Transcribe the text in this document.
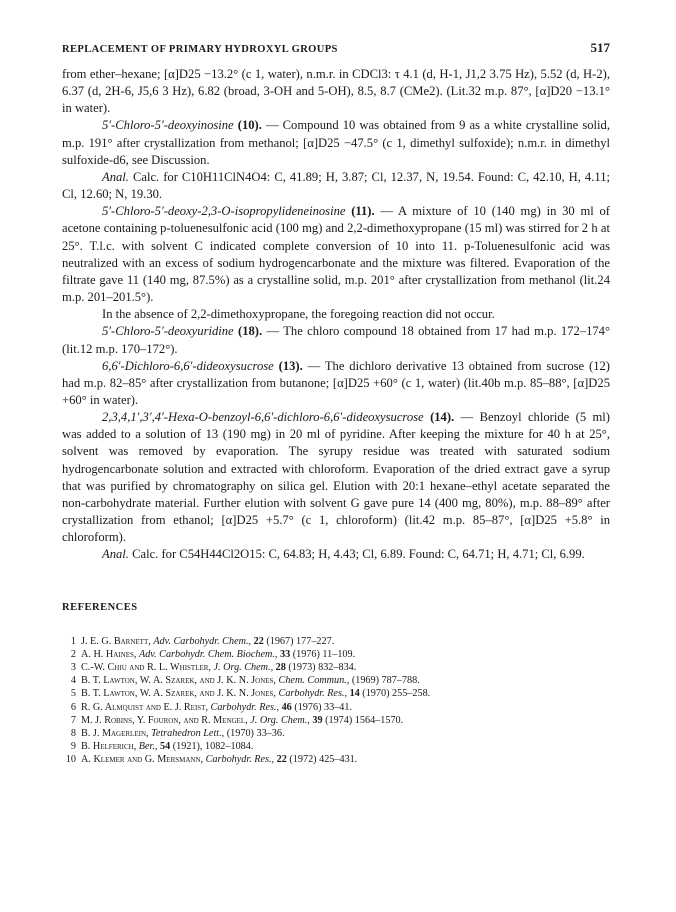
REPLACEMENT OF PRIMARY HYDROXYL GROUPS	517

from ether–hexane; [α]D25 −13.2° (c 1, water), n.m.r. in CDCl3: τ 4.1 (d, H-1, J1,2 3.75 Hz), 5.52 (d, H-2), 6.37 (d, 2H-6, J5,6 3 Hz), 6.82 (broad, 3-OH and 5-OH), 8.5, 8.7 (CMe2). (Lit.32 m.p. 87°, [α]D20 −13.1° in water).

5′-Chloro-5′-deoxyinosine (10). — Compound 10 was obtained from 9 as a white crystalline solid, m.p. 191° after crystallization from methanol; [α]D25 −47.5° (c 1, dimethyl sulfoxide); n.m.r. in dimethyl sulfoxide-d6, see Discussion.

Anal. Calc. for C10H11ClN4O4: C, 41.89; H, 3.87; Cl, 12.37, N, 19.54. Found: C, 42.10, H, 4.11; Cl, 12.60; N, 19.30.

5′-Chloro-5′-deoxy-2,3-O-isopropylideneinosine (11). — A mixture of 10 (140 mg) in 30 ml of acetone containing p-toluenesulfonic acid (100 mg) and 2,2-dimethoxypropane (15 ml) was stirred for 2 h at 25°. T.l.c. with solvent C indicated complete conversion of 10 into 11. p-Toluenesulfonic acid was neutralized with an excess of sodium hydrogencarbonate and the mixture was filtered. Evaporation of the filtrate gave 11 (140 mg, 87.5%) as a crystalline solid, m.p. 201° after crystallization from methanol (lit.24 m.p. 201–201.5°).

In the absence of 2,2-dimethoxypropane, the foregoing reaction did not occur.

5′-Chloro-5′-deoxyuridine (18). — The chloro compound 18 obtained from 17 had m.p. 172–174° (lit.12 m.p. 170–172°).

6,6′-Dichloro-6,6′-dideoxysucrose (13). — The dichloro derivative 13 obtained from sucrose (12) had m.p. 82–85° after crystallization from butanone; [α]D25 +60° (c 1, water) (lit.40b m.p. 85–88°, [α]D25 +60° in water).

2,3,4,1′,3′,4′-Hexa-O-benzoyl-6,6′-dichloro-6,6′-dideoxysucrose (14). — Benzoyl chloride (5 ml) was added to a solution of 13 (190 mg) in 20 ml of pyridine. After keeping the mixture for 40 h at 25°, solvent was removed by evaporation. The syrupy residue was treated with saturated sodium hydrogencarbonate solution and extracted with chloroform. Evaporation of the dried extract gave a syrup that was purified by chromatography on silica gel. Elution with 20:1 hexane–ethyl acetate separated the non-carbohydrate material. Further elution with solvent G gave pure 14 (400 mg, 80%), m.p. 88–89° after crystallization from ethanol; [α]D25 +5.7° (c 1, chloroform) (lit.42 m.p. 85–87°, [α]D25 +5.8° in chloroform).

Anal. Calc. for C54H44Cl2O15: C, 64.83; H, 4.43; Cl, 6.89. Found: C, 64.71; H, 4.71; Cl, 6.99.

REFERENCES
1 J. E. G. Barnett, Adv. Carbohydr. Chem., 22 (1967) 177–227.
2 A. H. Haines, Adv. Carbohydr. Chem. Biochem., 33 (1976) 11–109.
3 C.-W. Chiu and R. L. Whistler, J. Org. Chem., 28 (1973) 832–834.
4 B. T. Lawton, W. A. Szarek, and J. K. N. Jones, Chem. Commun., (1969) 787–788.
5 B. T. Lawton, W. A. Szarek, and J. K. N. Jones, Carbohydr. Res., 14 (1970) 255–258.
6 R. G. Almquist and E. J. Reist, Carbohydr. Res., 46 (1976) 33–41.
7 M. J. Robins, Y. Fouron, and R. Mengel, J. Org. Chem., 39 (1974) 1564–1570.
8 B. J. Magerlein, Tetrahedron Lett., (1970) 33–36.
9 B. Helferich, Ber., 54 (1921), 1082–1084.
10 A. Klemer and G. Mersmann, Carbohydr. Res., 22 (1972) 425–431.
